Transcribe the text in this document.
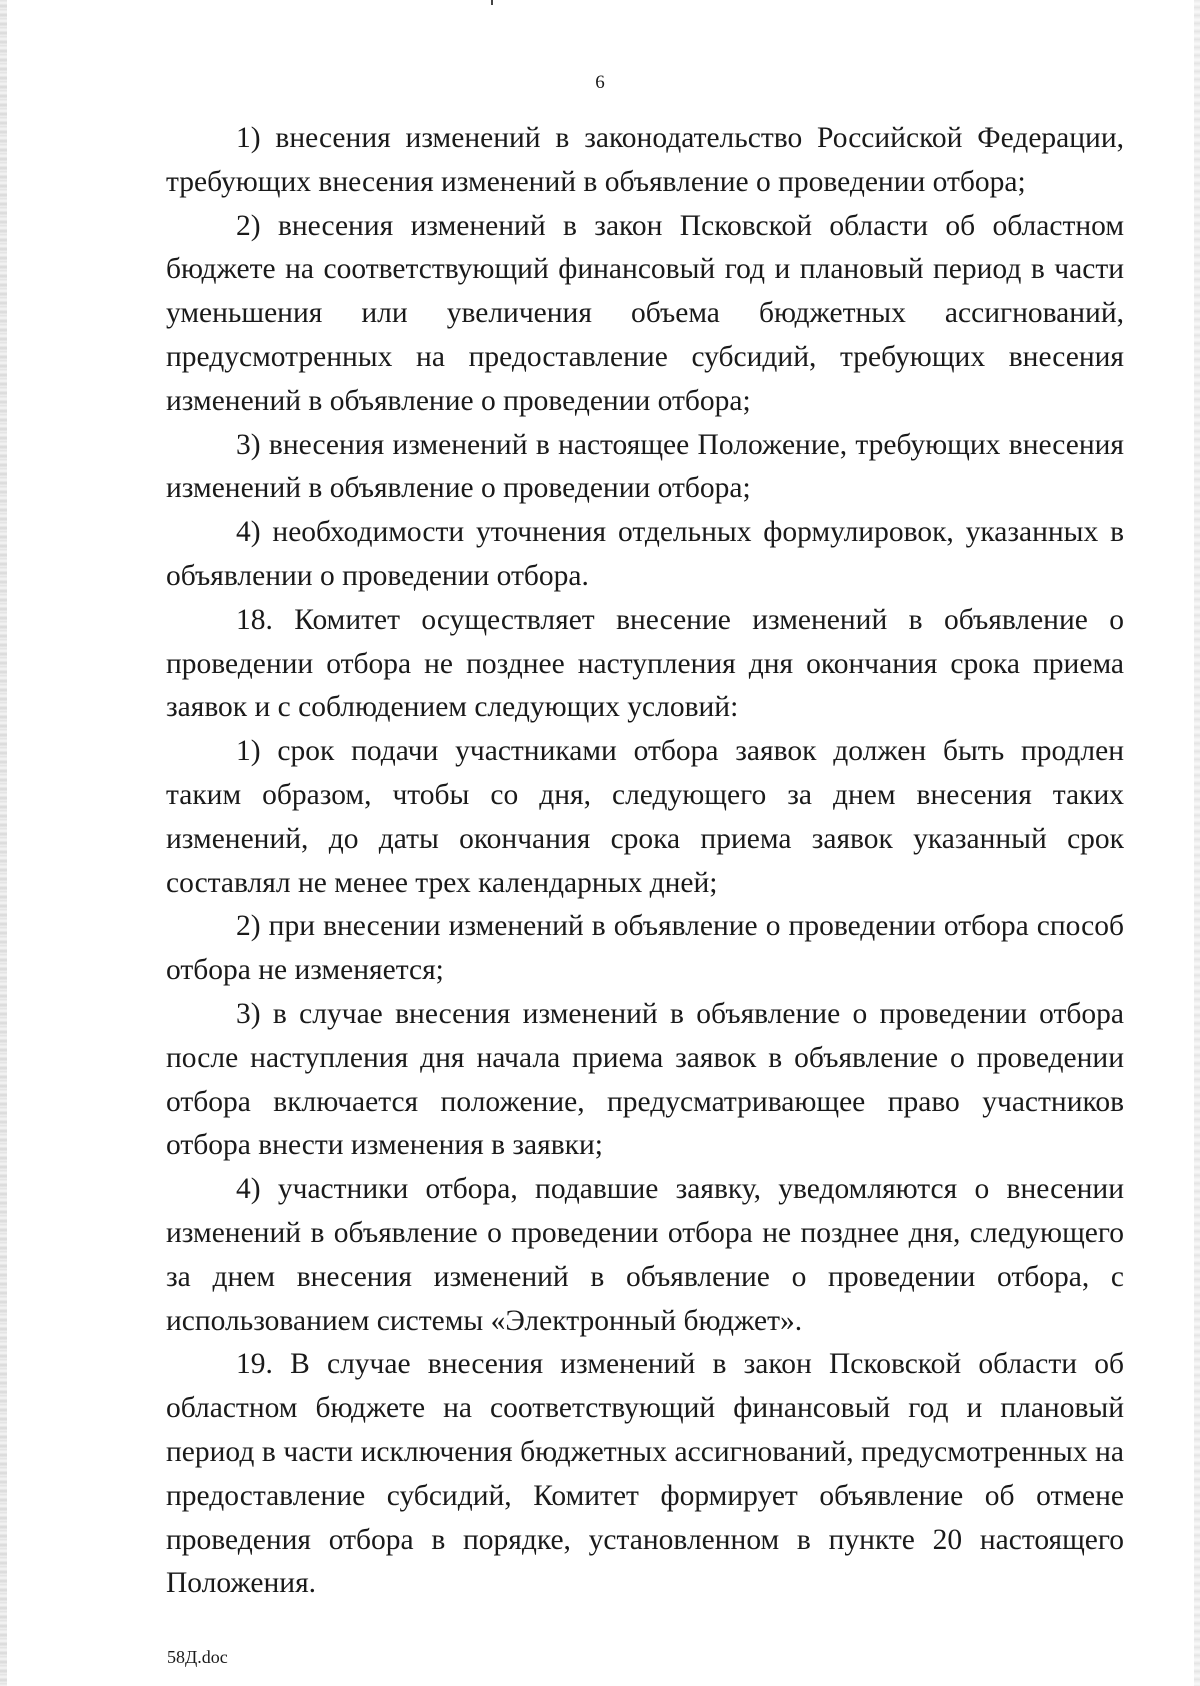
6

1) внесения изменений в законодательство Российской Федерации, требующих внесения изменений в объявление о проведении отбора;

2) внесения изменений в закон Псковской области об областном бюджете на соответствующий финансовый год и плановый период в части уменьшения или увеличения объема бюджетных ассигнований, предусмотренных на предоставление субсидий, требующих внесения изменений в объявление о проведении отбора;

3) внесения изменений в настоящее Положение, требующих внесения изменений в объявление о проведении отбора;

4) необходимости уточнения отдельных формулировок, указанных в объявлении о проведении отбора.

18. Комитет осуществляет внесение изменений в объявление о проведении отбора не позднее наступления дня окончания срока приема заявок и с соблюдением следующих условий:

1) срок подачи участниками отбора заявок должен быть продлен таким образом, чтобы со дня, следующего за днем внесения таких изменений, до даты окончания срока приема заявок указанный срок составлял не менее трех календарных дней;

2) при внесении изменений в объявление о проведении отбора способ отбора не изменяется;

3) в случае внесения изменений в объявление о проведении отбора после наступления дня начала приема заявок в объявление о проведении отбора включается положение, предусматривающее право участников отбора внести изменения в заявки;

4) участники отбора, подавшие заявку, уведомляются о внесении изменений в объявление о проведении отбора не позднее дня, следующего за днем внесения изменений в объявление о проведении отбора, с использованием системы «Электронный бюджет».

19. В случае внесения изменений в закон Псковской области об областном бюджете на соответствующий финансовый год и плановый период в части исключения бюджетных ассигнований, предусмотренных на предоставление субсидий, Комитет формирует объявление об отмене проведения отбора в порядке, установленном в пункте 20 настоящего Положения.

58Д.doc
